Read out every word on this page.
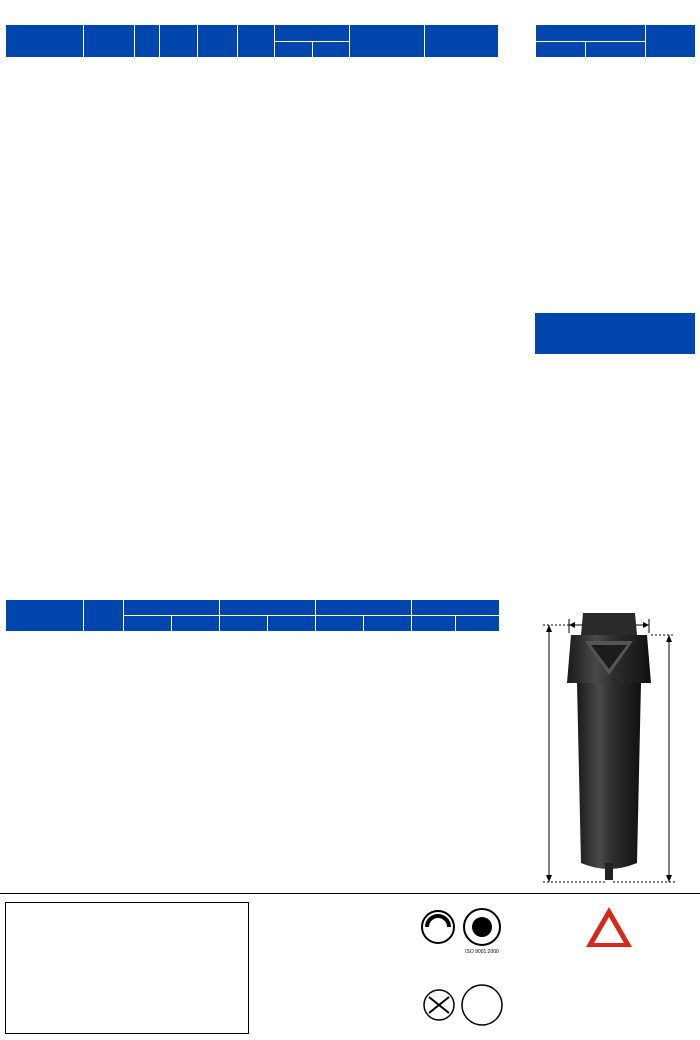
ISO 9001:2000
